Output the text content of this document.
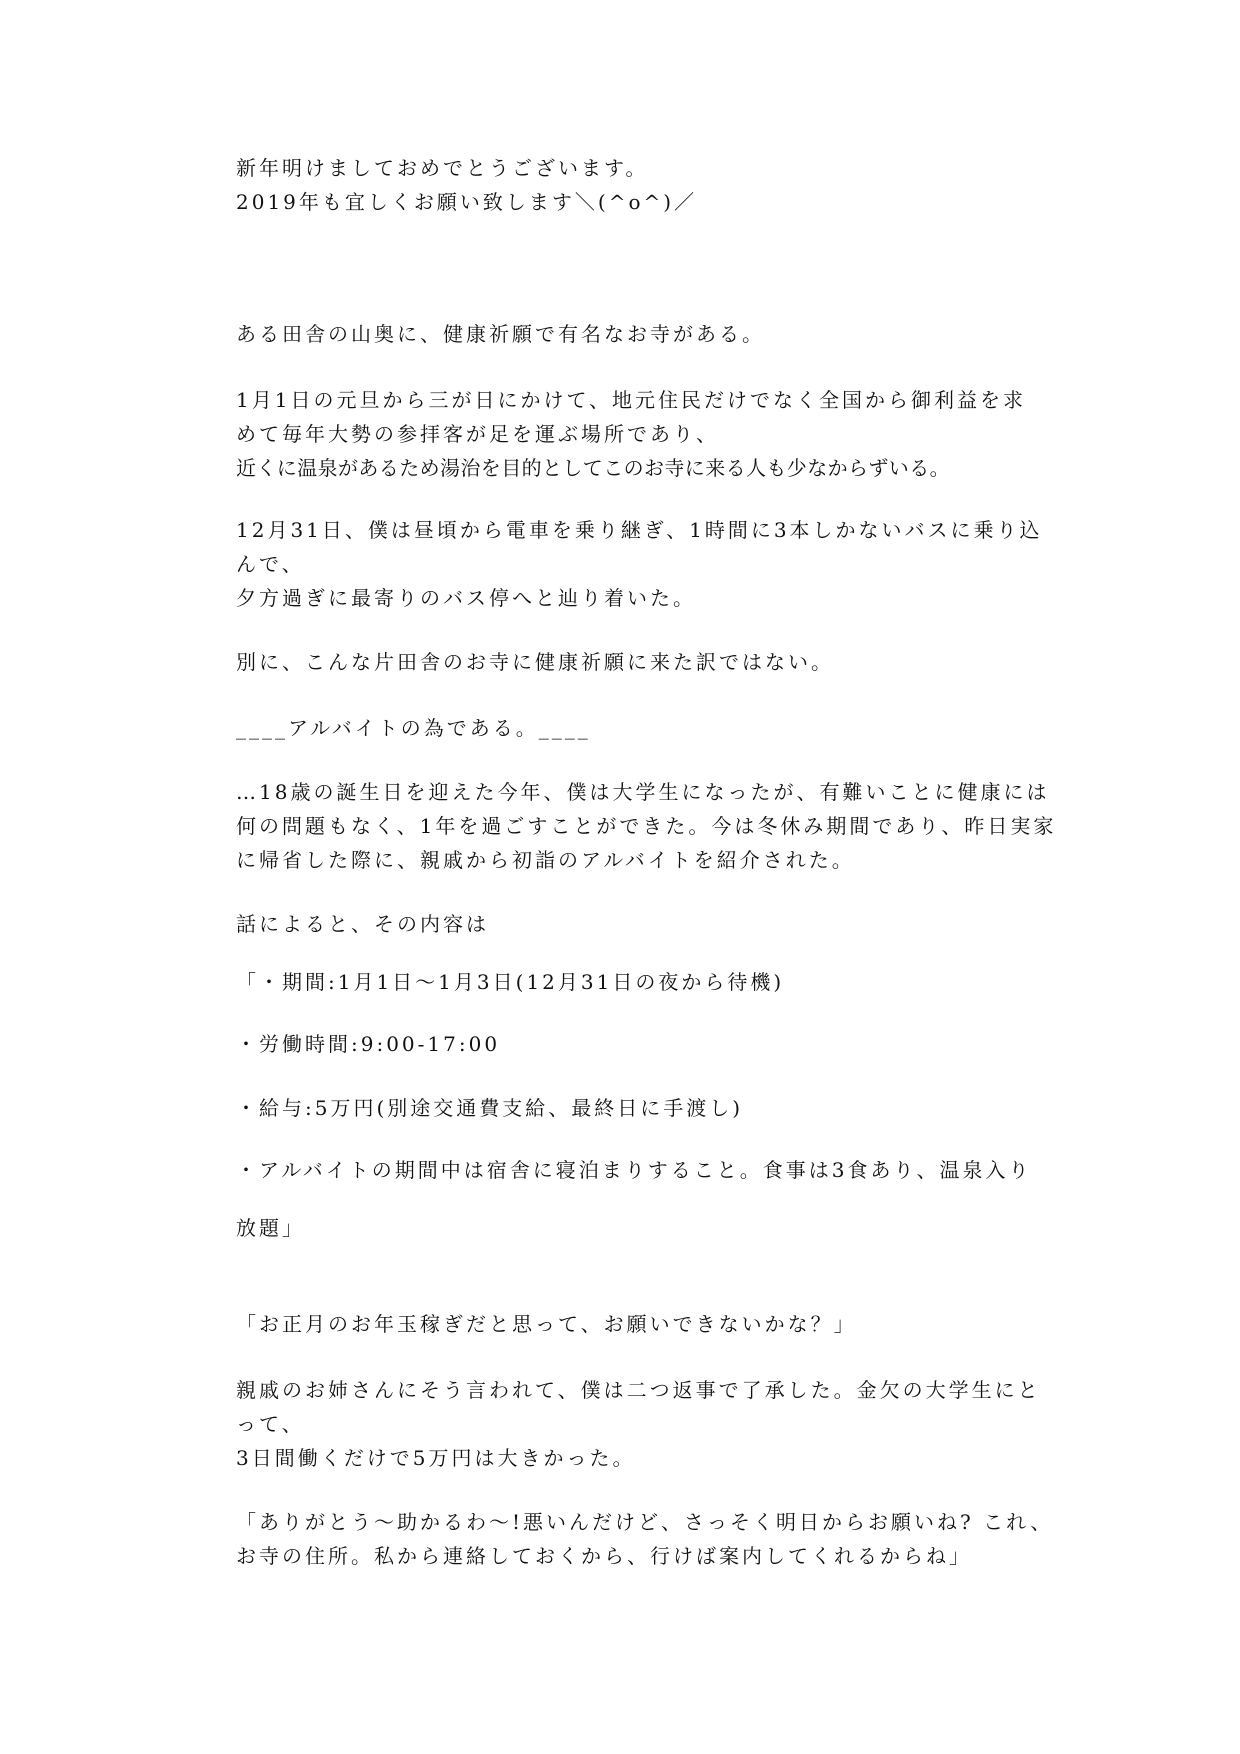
新年明けましておめでとうございます。

2019年も宜しくお願い致します＼(^o^)／

ある田舎の山奥に、健康祈願で有名なお寺がある。

1月1日の元旦から三が日にかけて、地元住民だけでなく全国から御利益を求

めて毎年大勢の参拝客が足を運ぶ場所であり、

近くに温泉があるため湯治を目的としてこのお寺に来る人も少なからずいる。

12月31日、僕は昼頃から電車を乗り継ぎ、1時間に3本しかないバスに乗り込

んで、

夕方過ぎに最寄りのバス停へと辿り着いた。

別に、こんな片田舎のお寺に健康祈願に来た訳ではない。

____アルバイトの為である。____

…18歳の誕生日を迎えた今年、僕は大学生になったが、有難いことに健康には

何の問題もなく、1年を過ごすことができた。今は冬休み期間であり、昨日実家

に帰省した際に、親戚から初詣のアルバイトを紹介された。

話によると、その内容は

「・期間:1月1日〜1月3日(12月31日の夜から待機)

・労働時間:9:00-17:00

・給与:5万円(別途交通費支給、最終日に手渡し)

・アルバイトの期間中は宿舎に寝泊まりすること。食事は3食あり、温泉入り

放題」

「お正月のお年玉稼ぎだと思って、お願いできないかな？」

親戚のお姉さんにそう言われて、僕は二つ返事で了承した。金欠の大学生にと

って、

3日間働くだけで5万円は大きかった。

「ありがとう〜助かるわ〜!悪いんだけど、さっそく明日からお願いね? これ、

お寺の住所。私から連絡しておくから、行けば案内してくれるからね」
